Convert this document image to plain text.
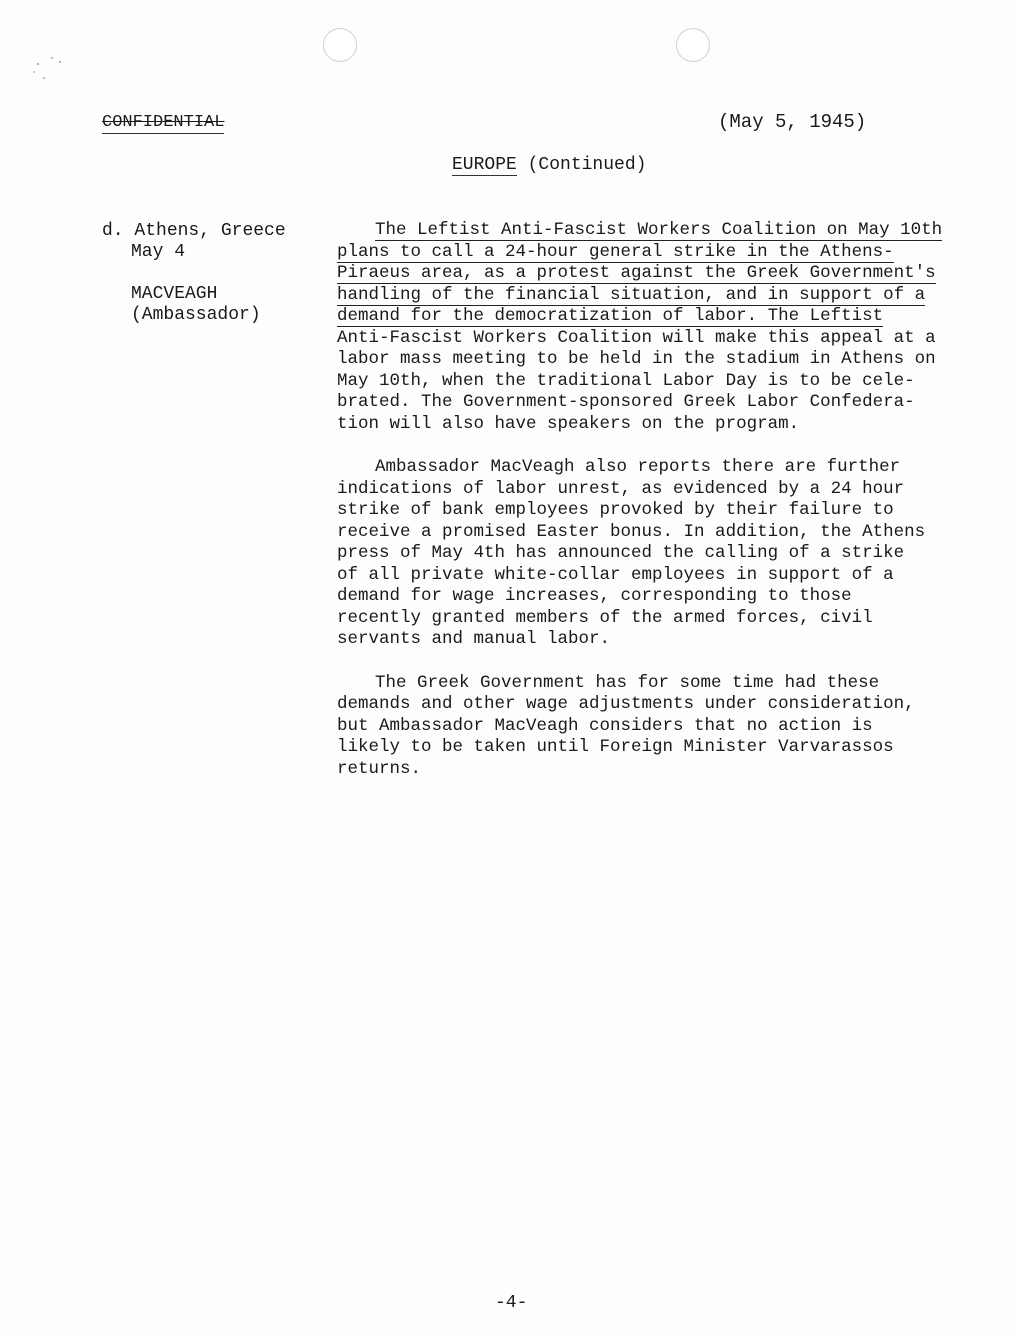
CONFIDENTIAL	(May 5, 1945)
EUROPE (Continued)
d. Athens, Greece
May 4
MACVEAGH
(Ambassador)

The Leftist Anti-Fascist Workers Coalition on May 10th
plans to call a 24-hour general strike in the Athens-
Piraeus area, as a protest against the Greek Government's
handling of the financial situation, and in support of a
demand for the democratization of labor. The Leftist
Anti-Fascist Workers Coalition will make this appeal at a
labor mass meeting to be held in the stadium in Athens on
May 10th, when the traditional Labor Day is to be cele-
brated. The Government-sponsored Greek Labor Confedera-
tion will also have speakers on the program.

Ambassador MacVeagh also reports there are further
indications of labor unrest, as evidenced by a 24 hour
strike of bank employees provoked by their failure to
receive a promised Easter bonus. In addition, the Athens
press of May 4th has announced the calling of a strike
of all private white-collar employees in support of a
demand for wage increases, corresponding to those
recently granted members of the armed forces, civil
servants and manual labor.

The Greek Government has for some time had these
demands and other wage adjustments under consideration,
but Ambassador MacVeagh considers that no action is
likely to be taken until Foreign Minister Varvarassos
returns.

-4-
